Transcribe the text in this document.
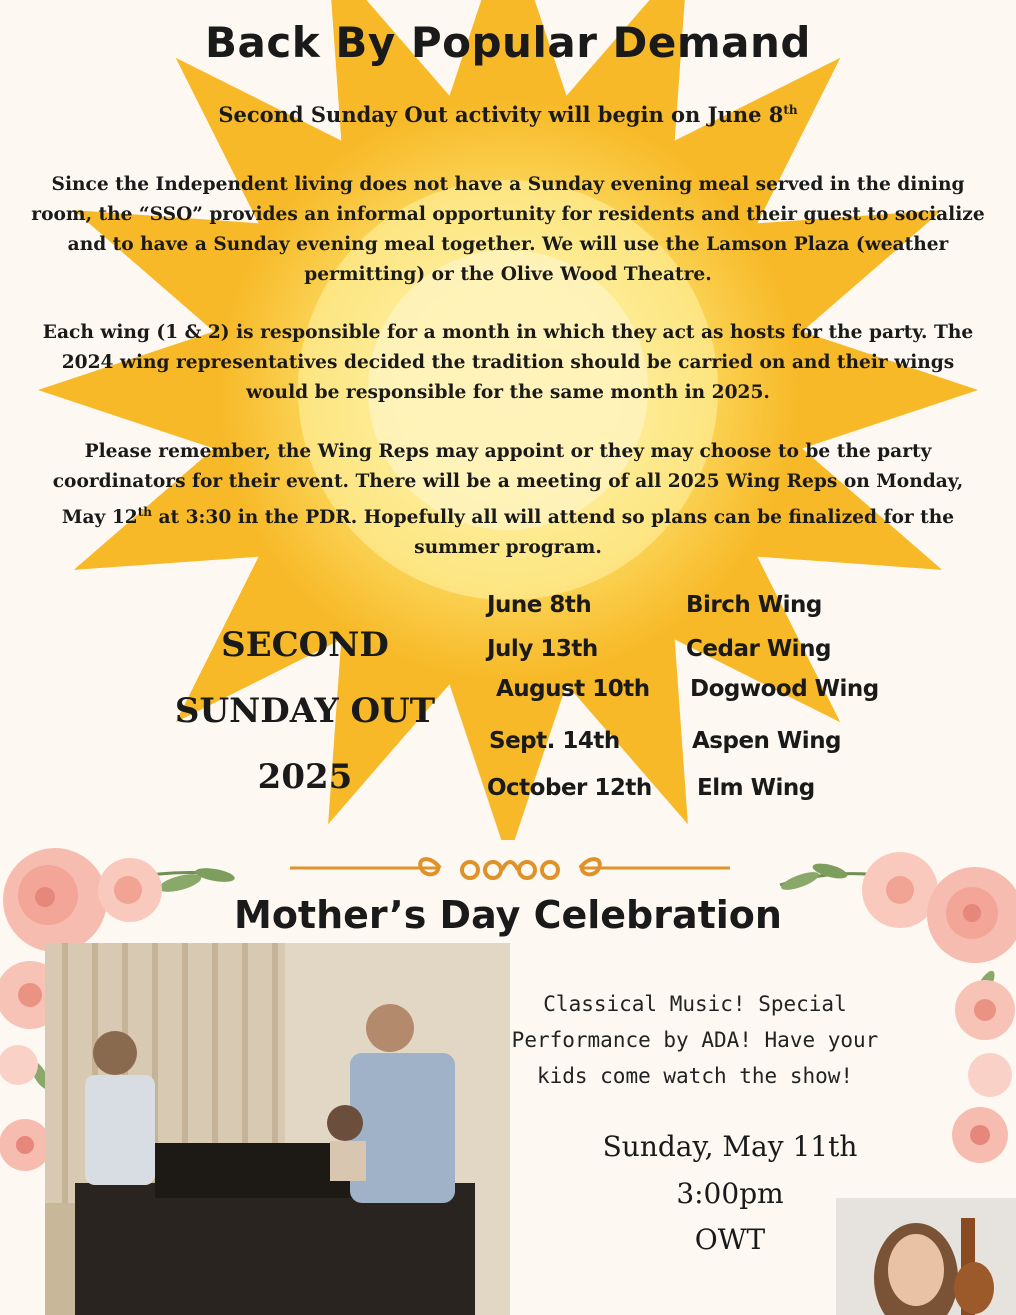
Back By Popular Demand
Second Sunday Out activity will begin on June 8th

Since the Independent living does not have a Sunday evening meal served in the dining room, the “SSO” provides an informal opportunity for residents and their guest to socialize and to have a Sunday evening meal together. We will use the Lamson Plaza (weather permitting) or the Olive Wood Theatre.

Each wing (1 & 2) is responsible for a month in which they act as hosts for the party. The 2024 wing representatives decided the tradition should be carried on and their wings would be responsible for the same month in 2025.

Please remember, the Wing Reps may appoint or they may choose to be the party coordinators for their event. There will be a meeting of all 2025 Wing Reps on Monday, May 12th at 3:30 in the PDR. Hopefully all will attend so plans can be finalized for the summer program.

SECOND
SUNDAY OUT
2025
June 8th	Birch Wing
July 13th	Cedar Wing
August 10th Dogwood Wing
Sept. 14th	Aspen Wing
October 12th Elm Wing
Mother’s Day Celebration

Classical Music! Special
Performance by ADA! Have your
kids come watch the show!

Sunday, May 11th
3:00pm
OWT
